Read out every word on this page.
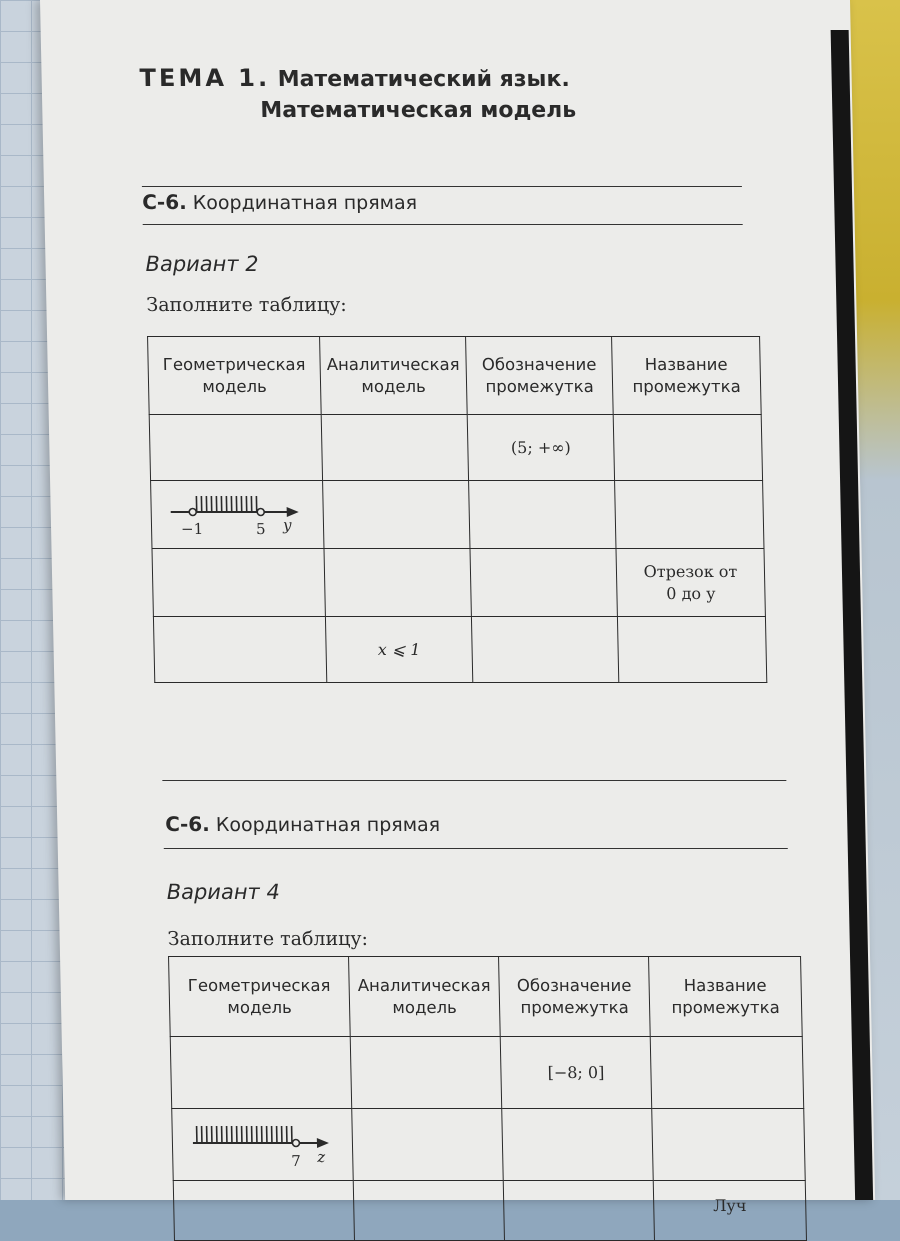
ТЕМА 1. Математический язык.
Математическая модель
С-6. Координатная прямая
Вариант 2
Заполните таблицу:
Геометрическая модель	Аналитическая модель	Обозначение промежутка	Название промежутка
		(5; +∞)	

−1 5 y			

			Отрезок от 0 до у
	x ⩽ 1		
С-6. Координатная прямая
Вариант 4
Заполните таблицу:
Геометрическая модель	Аналитическая модель	Обозначение промежутка	Название промежутка
		[−8; 0]	

7 z			

			Луч
